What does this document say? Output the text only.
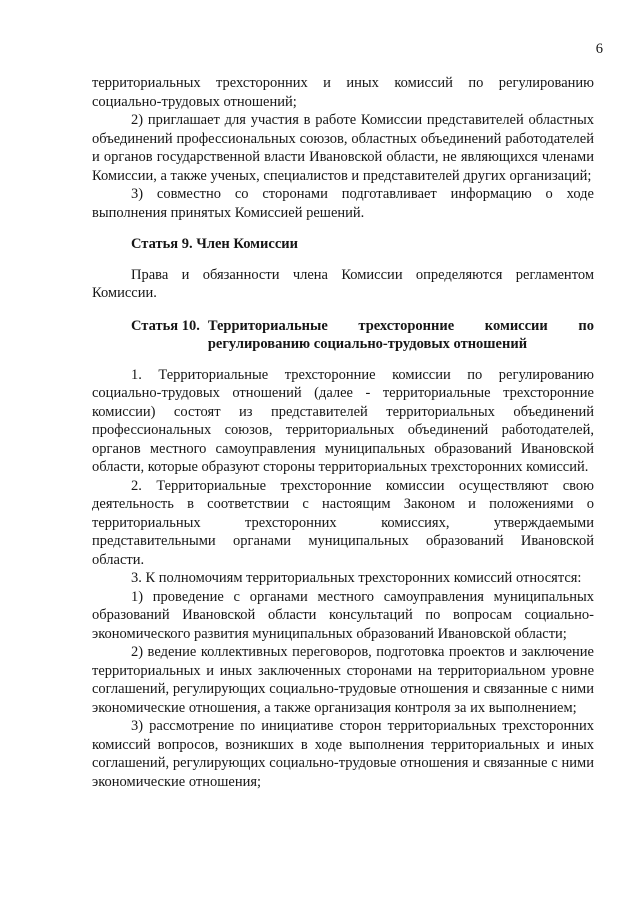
6

территориальных трехсторонних и иных комиссий по регулированию социально-трудовых отношений;

2) приглашает для участия в работе Комиссии представителей областных объединений профессиональных союзов, областных объединений работодателей и органов государственной власти Ивановской области, не являющихся членами Комиссии, а также ученых, специалистов и представителей других организаций;

3) совместно со сторонами подготавливает информацию о ходе выполнения принятых Комиссией решений.

Статья 9. Член Комиссии

Права и обязанности члена Комиссии определяются регламентом Комиссии.

Статья 10. Территориальные трехсторонние комиссии по регулированию социально-трудовых отношений

1. Территориальные трехсторонние комиссии по регулированию социально-трудовых отношений (далее - территориальные трехсторонние комиссии) состоят из представителей территориальных объединений профессиональных союзов, территориальных объединений работодателей, органов местного самоуправления муниципальных образований Ивановской области, которые образуют стороны территориальных трехсторонних комиссий.

2. Территориальные трехсторонние комиссии осуществляют свою деятельность в соответствии с настоящим Законом и положениями о территориальных трехсторонних комиссиях, утверждаемыми представительными органами муниципальных образований Ивановской области.

3. К полномочиям территориальных трехсторонних комиссий относятся:

1) проведение с органами местного самоуправления муниципальных образований Ивановской области консультаций по вопросам социально-экономического развития муниципальных образований Ивановской области;

2) ведение коллективных переговоров, подготовка проектов и заключение территориальных и иных заключенных сторонами на территориальном уровне соглашений, регулирующих социально-трудовые отношения и связанные с ними экономические отношения, а также организация контроля за их выполнением;

3) рассмотрение по инициативе сторон территориальных трехсторонних комиссий вопросов, возникших в ходе выполнения территориальных и иных соглашений, регулирующих социально-трудовые отношения и связанные с ними экономические отношения;
